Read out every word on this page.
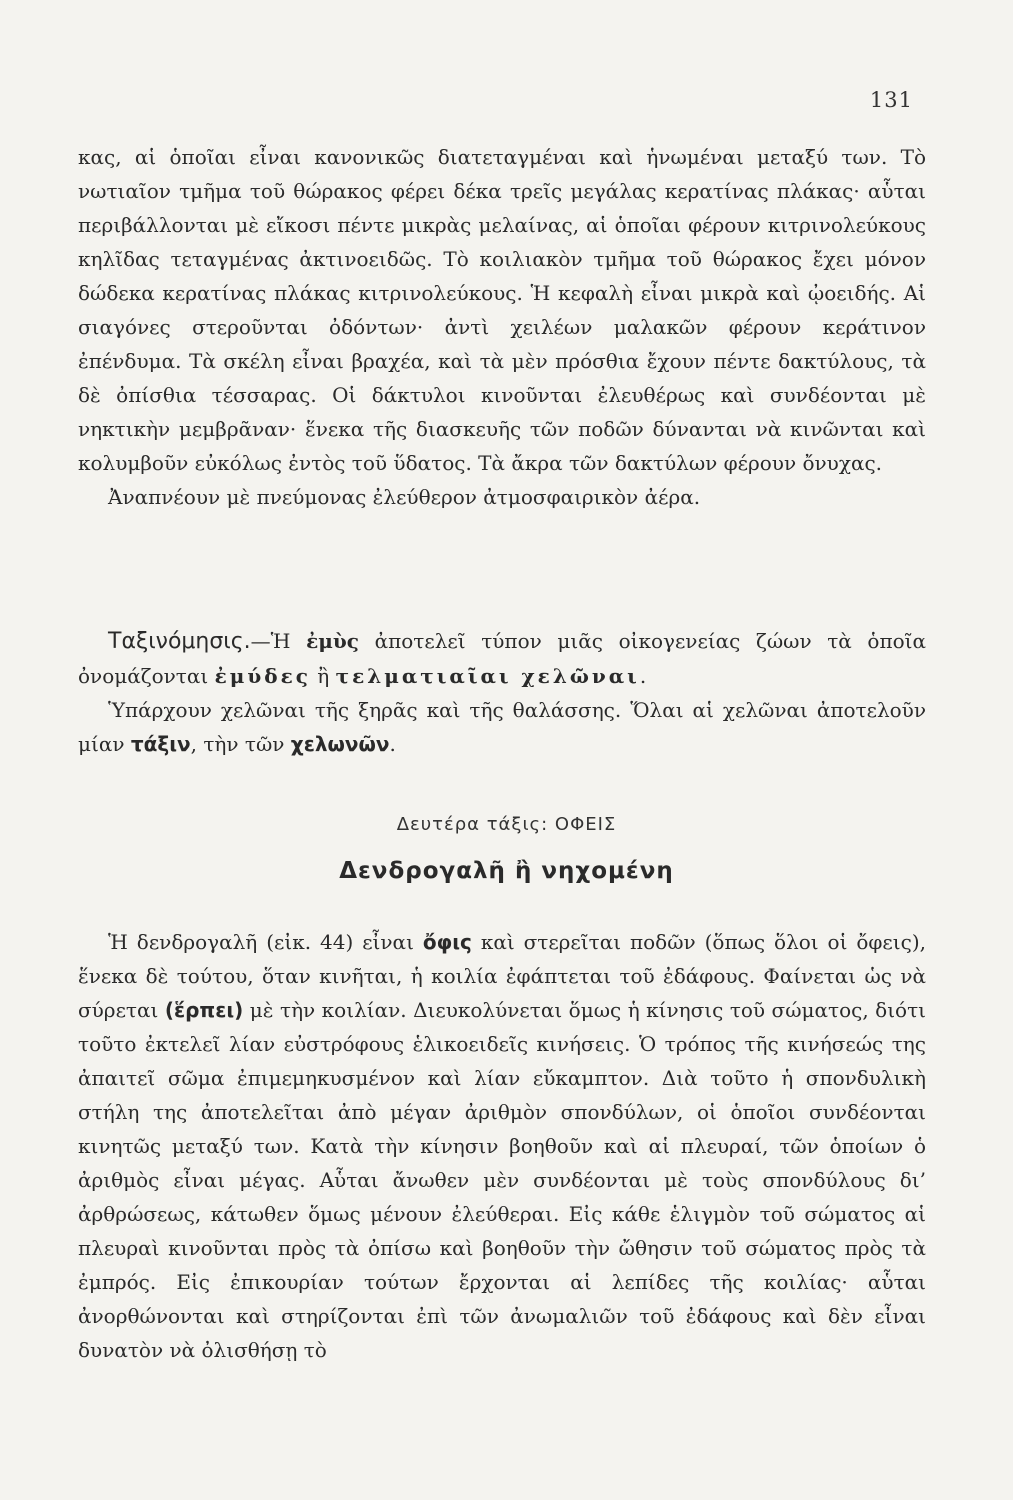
131

κας, αἱ ὁποῖαι εἶναι κανονικῶς διατεταγμέναι καὶ ἡνωμέναι μεταξύ των. Τὸ νωτιαῖον τμῆμα τοῦ θώρακος φέρει δέκα τρεῖς μεγάλας κερατίνας πλάκας· αὗται περιβάλλονται μὲ εἴκοσι πέντε μικρὰς μελαίνας, αἱ ὁποῖαι φέρουν κιτρινολεύκους κηλῖδας τεταγμένας ἀκτινοειδῶς. Τὸ κοιλιακὸν τμῆμα τοῦ θώρακος ἔχει μόνον δώδεκα κερατίνας πλάκας κιτρινολεύκους. Ἡ κεφαλὴ εἶναι μικρὰ καὶ ᾠοειδής. Αἱ σιαγόνες στεροῦνται ὀδόντων· ἀντὶ χειλέων μαλακῶν φέρουν κεράτινον ἐπένδυμα. Τὰ σκέλη εἶναι βραχέα, καὶ τὰ μὲν πρόσθια ἔχουν πέντε δακτύλους, τὰ δὲ ὀπίσθια τέσσαρας. Οἱ δάκτυλοι κινοῦνται ἐλευθέρως καὶ συνδέονται μὲ νηκτικὴν μεμβρᾶναν· ἕνεκα τῆς διασκευῆς τῶν ποδῶν δύνανται νὰ κινῶνται καὶ κολυμβοῦν εὐκόλως ἐντὸς τοῦ ὕδατος. Τὰ ἄκρα τῶν δακτύλων φέρουν ὄνυχας.

Ἀναπνέουν μὲ πνεύμονας ἐλεύθερον ἀτμοσφαιρικὸν ἀέρα.

Ταξινόμησις.—Ἡ ἐμὺς ἀποτελεῖ τύπον μιᾶς οἰκογενείας ζώων τὰ ὁποῖα ὀνομάζονται ἐμύδες ἢ τελματιαῖαι χελῶναι.

Ὑπάρχουν χελῶναι τῆς ξηρᾶς καὶ τῆς θαλάσσης. Ὅλαι αἱ χελῶναι ἀποτελοῦν μίαν τάξιν, τὴν τῶν χελωνῶν.

Δευτέρα τάξις: ΟΦΕΙΣ
Δενδρογαλῆ ἢ νηχομένη

Ἡ δενδρογαλῆ (εἰκ. 44) εἶναι ὄφις καὶ στερεῖται ποδῶν (ὅπως ὅλοι οἱ ὄφεις), ἕνεκα δὲ τούτου, ὅταν κινῆται, ἡ κοιλία ἐφάπτεται τοῦ ἐδάφους. Φαίνεται ὡς νὰ σύρεται (ἕρπει) μὲ τὴν κοιλίαν. Διευκολύνεται ὅμως ἡ κίνησις τοῦ σώματος, διότι τοῦτο ἐκτελεῖ λίαν εὐστρόφους ἑλικοειδεῖς κινήσεις. Ὁ τρόπος τῆς κινήσεώς της ἀπαιτεῖ σῶμα ἐπιμεμηκυσμένον καὶ λίαν εὔκαμπτον. Διὰ τοῦτο ἡ σπονδυλικὴ στήλη της ἀποτελεῖται ἀπὸ μέγαν ἀριθμὸν σπονδύλων, οἱ ὁποῖοι συνδέονται κινητῶς μεταξύ των. Κατὰ τὴν κίνησιν βοηθοῦν καὶ αἱ πλευραί, τῶν ὁποίων ὁ ἀριθμὸς εἶναι μέγας. Αὗται ἄνωθεν μὲν συνδέονται μὲ τοὺς σπονδύλους δι’ ἀρθρώσεως, κάτωθεν ὅμως μένουν ἐλεύθεραι. Εἰς κάθε ἑλιγμὸν τοῦ σώματος αἱ πλευραὶ κινοῦνται πρὸς τὰ ὀπίσω καὶ βοηθοῦν τὴν ὤθησιν τοῦ σώματος πρὸς τὰ ἐμπρός. Εἰς ἐπικουρίαν τούτων ἔρχονται αἱ λεπίδες τῆς κοιλίας· αὗται ἀνορθώνονται καὶ στηρίζονται ἐπὶ τῶν ἀνωμαλιῶν τοῦ ἐδάφους καὶ δὲν εἶναι δυνατὸν νὰ ὀλισθήσῃ τὸ
